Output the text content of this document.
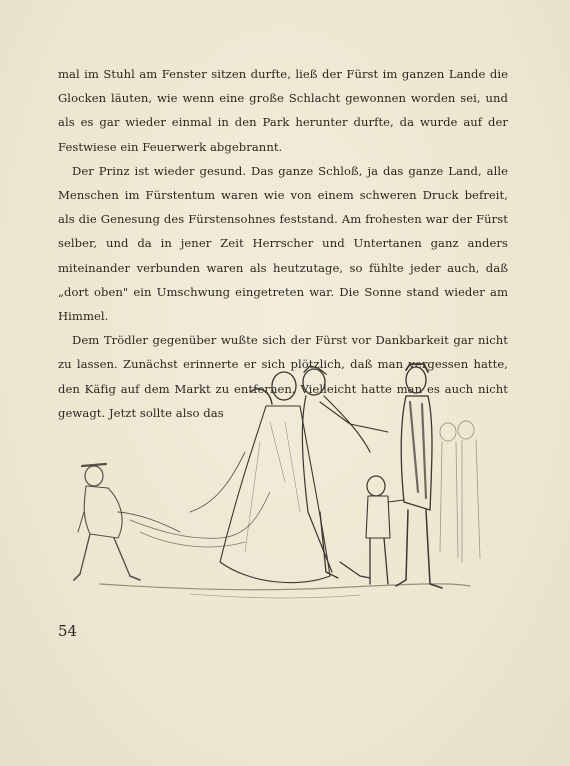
mal im Stuhl am Fenster sitzen durfte, ließ der Fürst im ganzen Lande die Glocken läuten, wie wenn eine große Schlacht gewonnen worden sei, und als es gar wieder einmal in den Park herunter durfte, da wurde auf der Festwiese ein Feuerwerk abgebrannt.

Der Prinz ist wieder gesund. Das ganze Schloß, ja das ganze Land, alle Menschen im Fürstentum waren wie von einem schweren Druck befreit, als die Genesung des Fürstensohnes feststand. Am frohesten war der Fürst selber, und da in jener Zeit Herrscher und Untertanen ganz anders miteinander verbunden waren als heutzutage, so fühlte jeder auch, daß „dort oben" ein Umschwung eingetreten war. Die Sonne stand wieder am Himmel.

Dem Trödler gegenüber wußte sich der Fürst vor Dankbarkeit gar nicht zu lassen. Zunächst erinnerte er sich plötzlich, daß man vergessen hatte, den Käfig auf dem Markt zu entfernen. Vielleicht hatte man es auch nicht gewagt. Jetzt sollte also das

54
